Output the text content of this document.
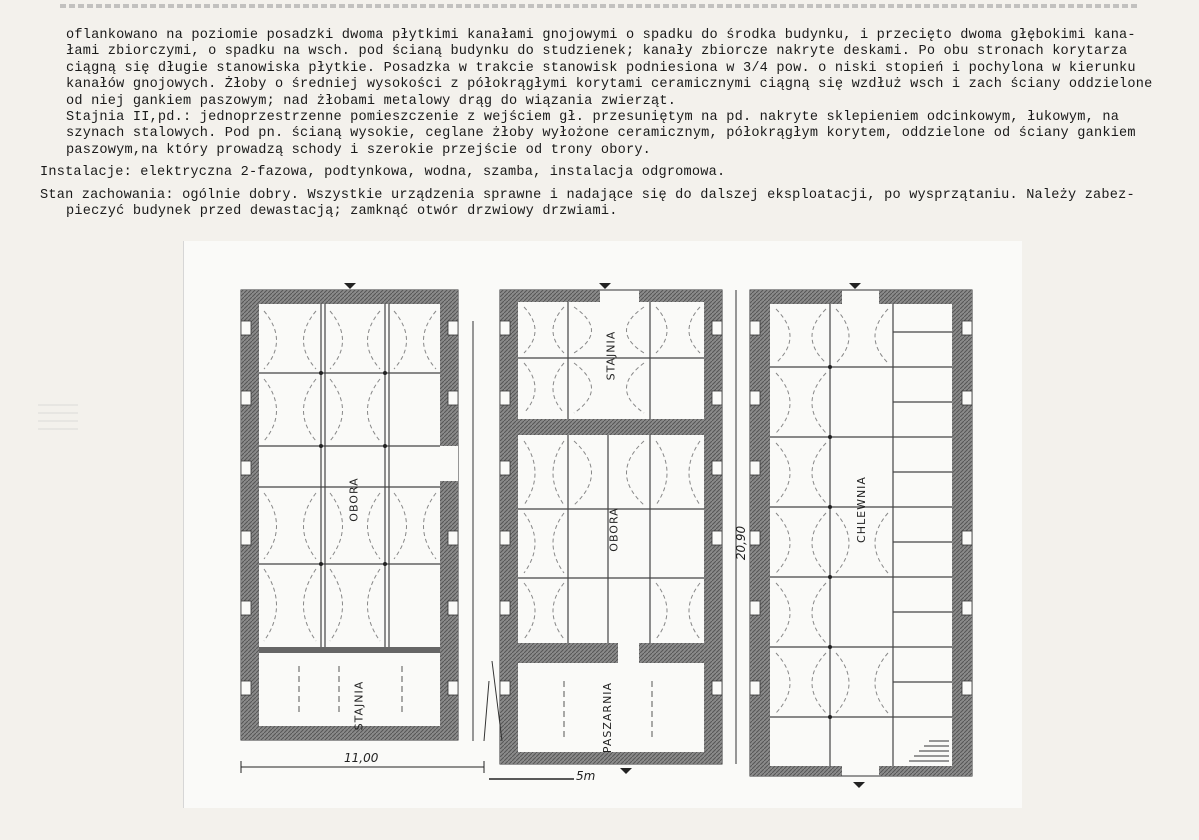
oflankowano na poziomie posadzki dwoma płytkimi kanałami gnojowymi o spadku do środka budynku, i przecięto dwoma głębokimi kana-
łami zbiorczymi, o spadku na wsch. pod ścianą budynku do studzienek; kanały zbiorcze nakryte deskami. Po obu stronach korytarza
ciągną się długie stanowiska płytkie. Posadzka w trakcie stanowisk podniesiona w 3/4 pow. o niski stopień i pochylona w kierunku
kanałów gnojowych. Żłoby o średniej wysokości z półokrągłymi korytami ceramicznymi ciągną się wzdłuż wsch i zach ściany oddzielone
od niej gankiem paszowym; nad żłobami metalowy drąg do wiązania zwierząt.
Stajnia II,pd.: jednoprzestrzenne pomieszczenie z wejściem gł. przesuniętym na pd. nakryte sklepieniem odcinkowym, łukowym, na
szynach stalowych. Pod pn. ścianą wysokie, ceglane żłoby wyłożone ceramicznym, półokrągłym korytem, oddzielone od ściany gankiem
paszowym,na który prowadzą schody i szerokie przejście od trony obory.
Instalacje: elektryczna 2-fazowa, podtynkowa, wodna, szamba, instalacja odgromowa.
Stan zachowania: ogólnie dobry. Wszystkie urządzenia sprawne i nadające się do dalszej eksploatacji, po wysprzątaniu. Należy zabez-
pieczyć budynek przed dewastacją; zamknąć otwór drzwiowy drzwiami.
OBORA
STAJNIA
STAJNIA
OBORA
PASZARNIA
CHLEWNIA
11,00
20,90
5m
